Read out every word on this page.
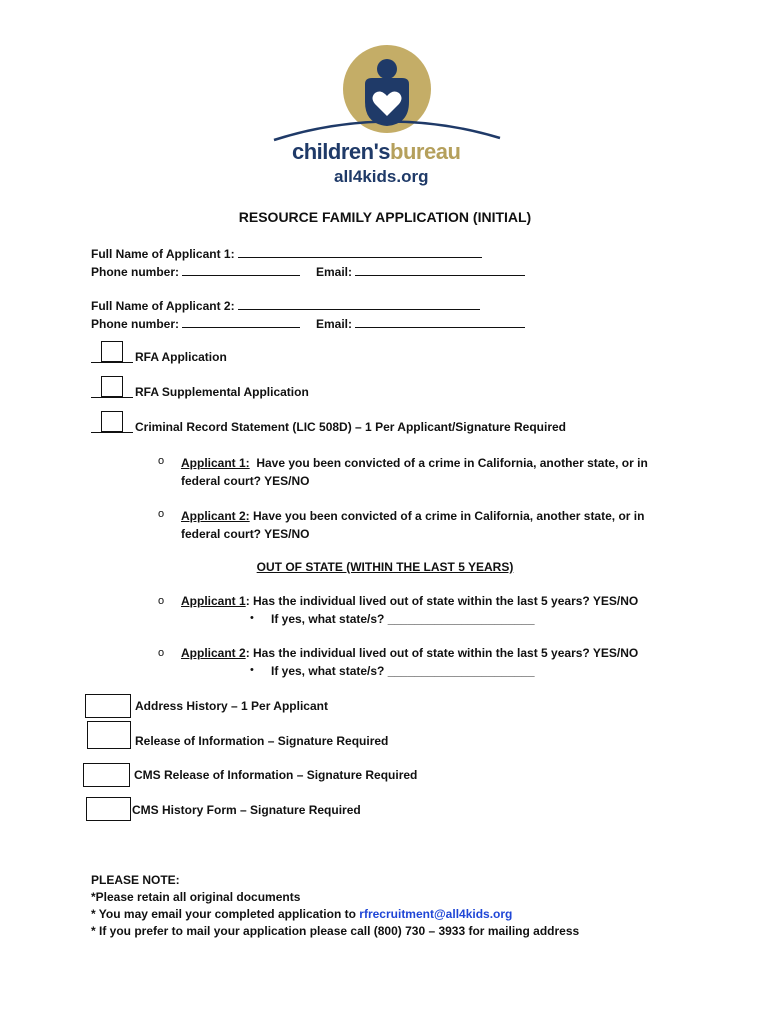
children'sbureau
all4kids.org
RESOURCE FAMILY APPLICATION (INITIAL)
Full Name of Applicant 1:
Phone number:	Email:
Full Name of Applicant 2:
Phone number:	Email:
RFA Application
RFA Supplemental Application
Criminal Record Statement (LIC 508D) – 1 Per Applicant/Signature Required
o Applicant 1: Have you been convicted of a crime in California, another state, or in federal court? YES/NO
o Applicant 2: Have you been convicted of a crime in California, another state, or in federal court? YES/NO
OUT OF STATE (WITHIN THE LAST 5 YEARS)
o Applicant 1: Has the individual lived out of state within the last 5 years? YES/NO
• If yes, what state/s? ______________________
o Applicant 2: Has the individual lived out of state within the last 5 years? YES/NO
• If yes, what state/s? ______________________
Address History – 1 Per Applicant
Release of Information – Signature Required
CMS Release of Information – Signature Required
CMS History Form – Signature Required
PLEASE NOTE:
*Please retain all original documents
* You may email your completed application to rfrecruitment@all4kids.org
* If you prefer to mail your application please call (800) 730 – 3933 for mailing address
